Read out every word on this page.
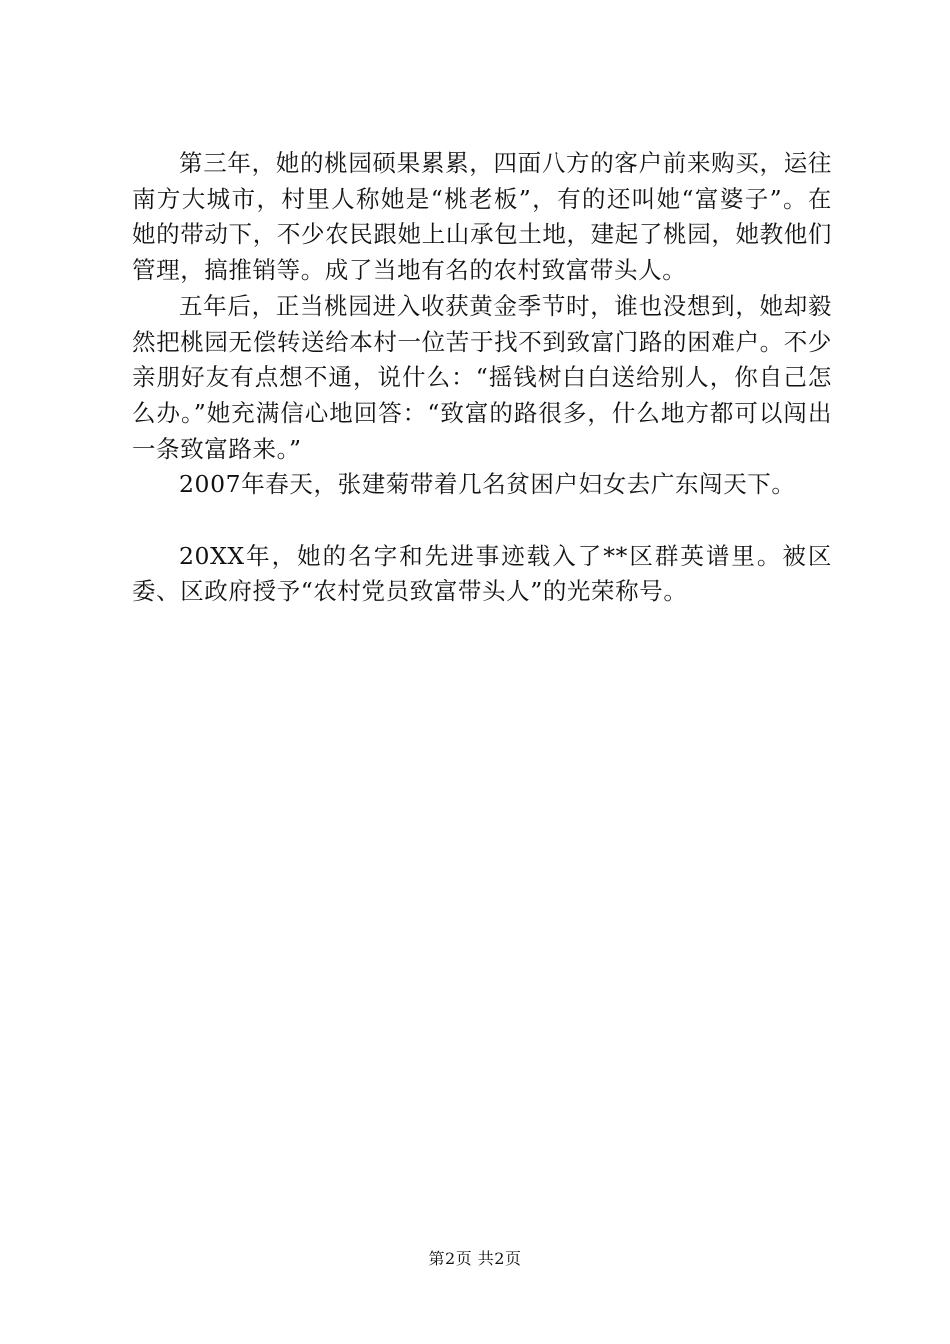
第三年，她的桃园硕果累累，四面八方的客户前来购买，运往南方大城市，村里人称她是“桃老板”，有的还叫她“富婆子”。在她的带动下，不少农民跟她上山承包土地，建起了桃园，她教他们管理，搞推销等。成了当地有名的农村致富带头人。

五年后，正当桃园进入收获黄金季节时，谁也没想到，她却毅然把桃园无偿转送给本村一位苦于找不到致富门路的困难户。不少亲朋好友有点想不通，说什么：“摇钱树白白送给别人，你自己怎么办。”她充满信心地回答：“致富的路很多，什么地方都可以闯出一条致富路来。”

2007年春天，张建菊带着几名贫困户妇女去广东闯天下。

20XX年，她的名字和先进事迹载入了**区群英谱里。被区委、区政府授予“农村党员致富带头人”的光荣称号。

第2页 共2页
